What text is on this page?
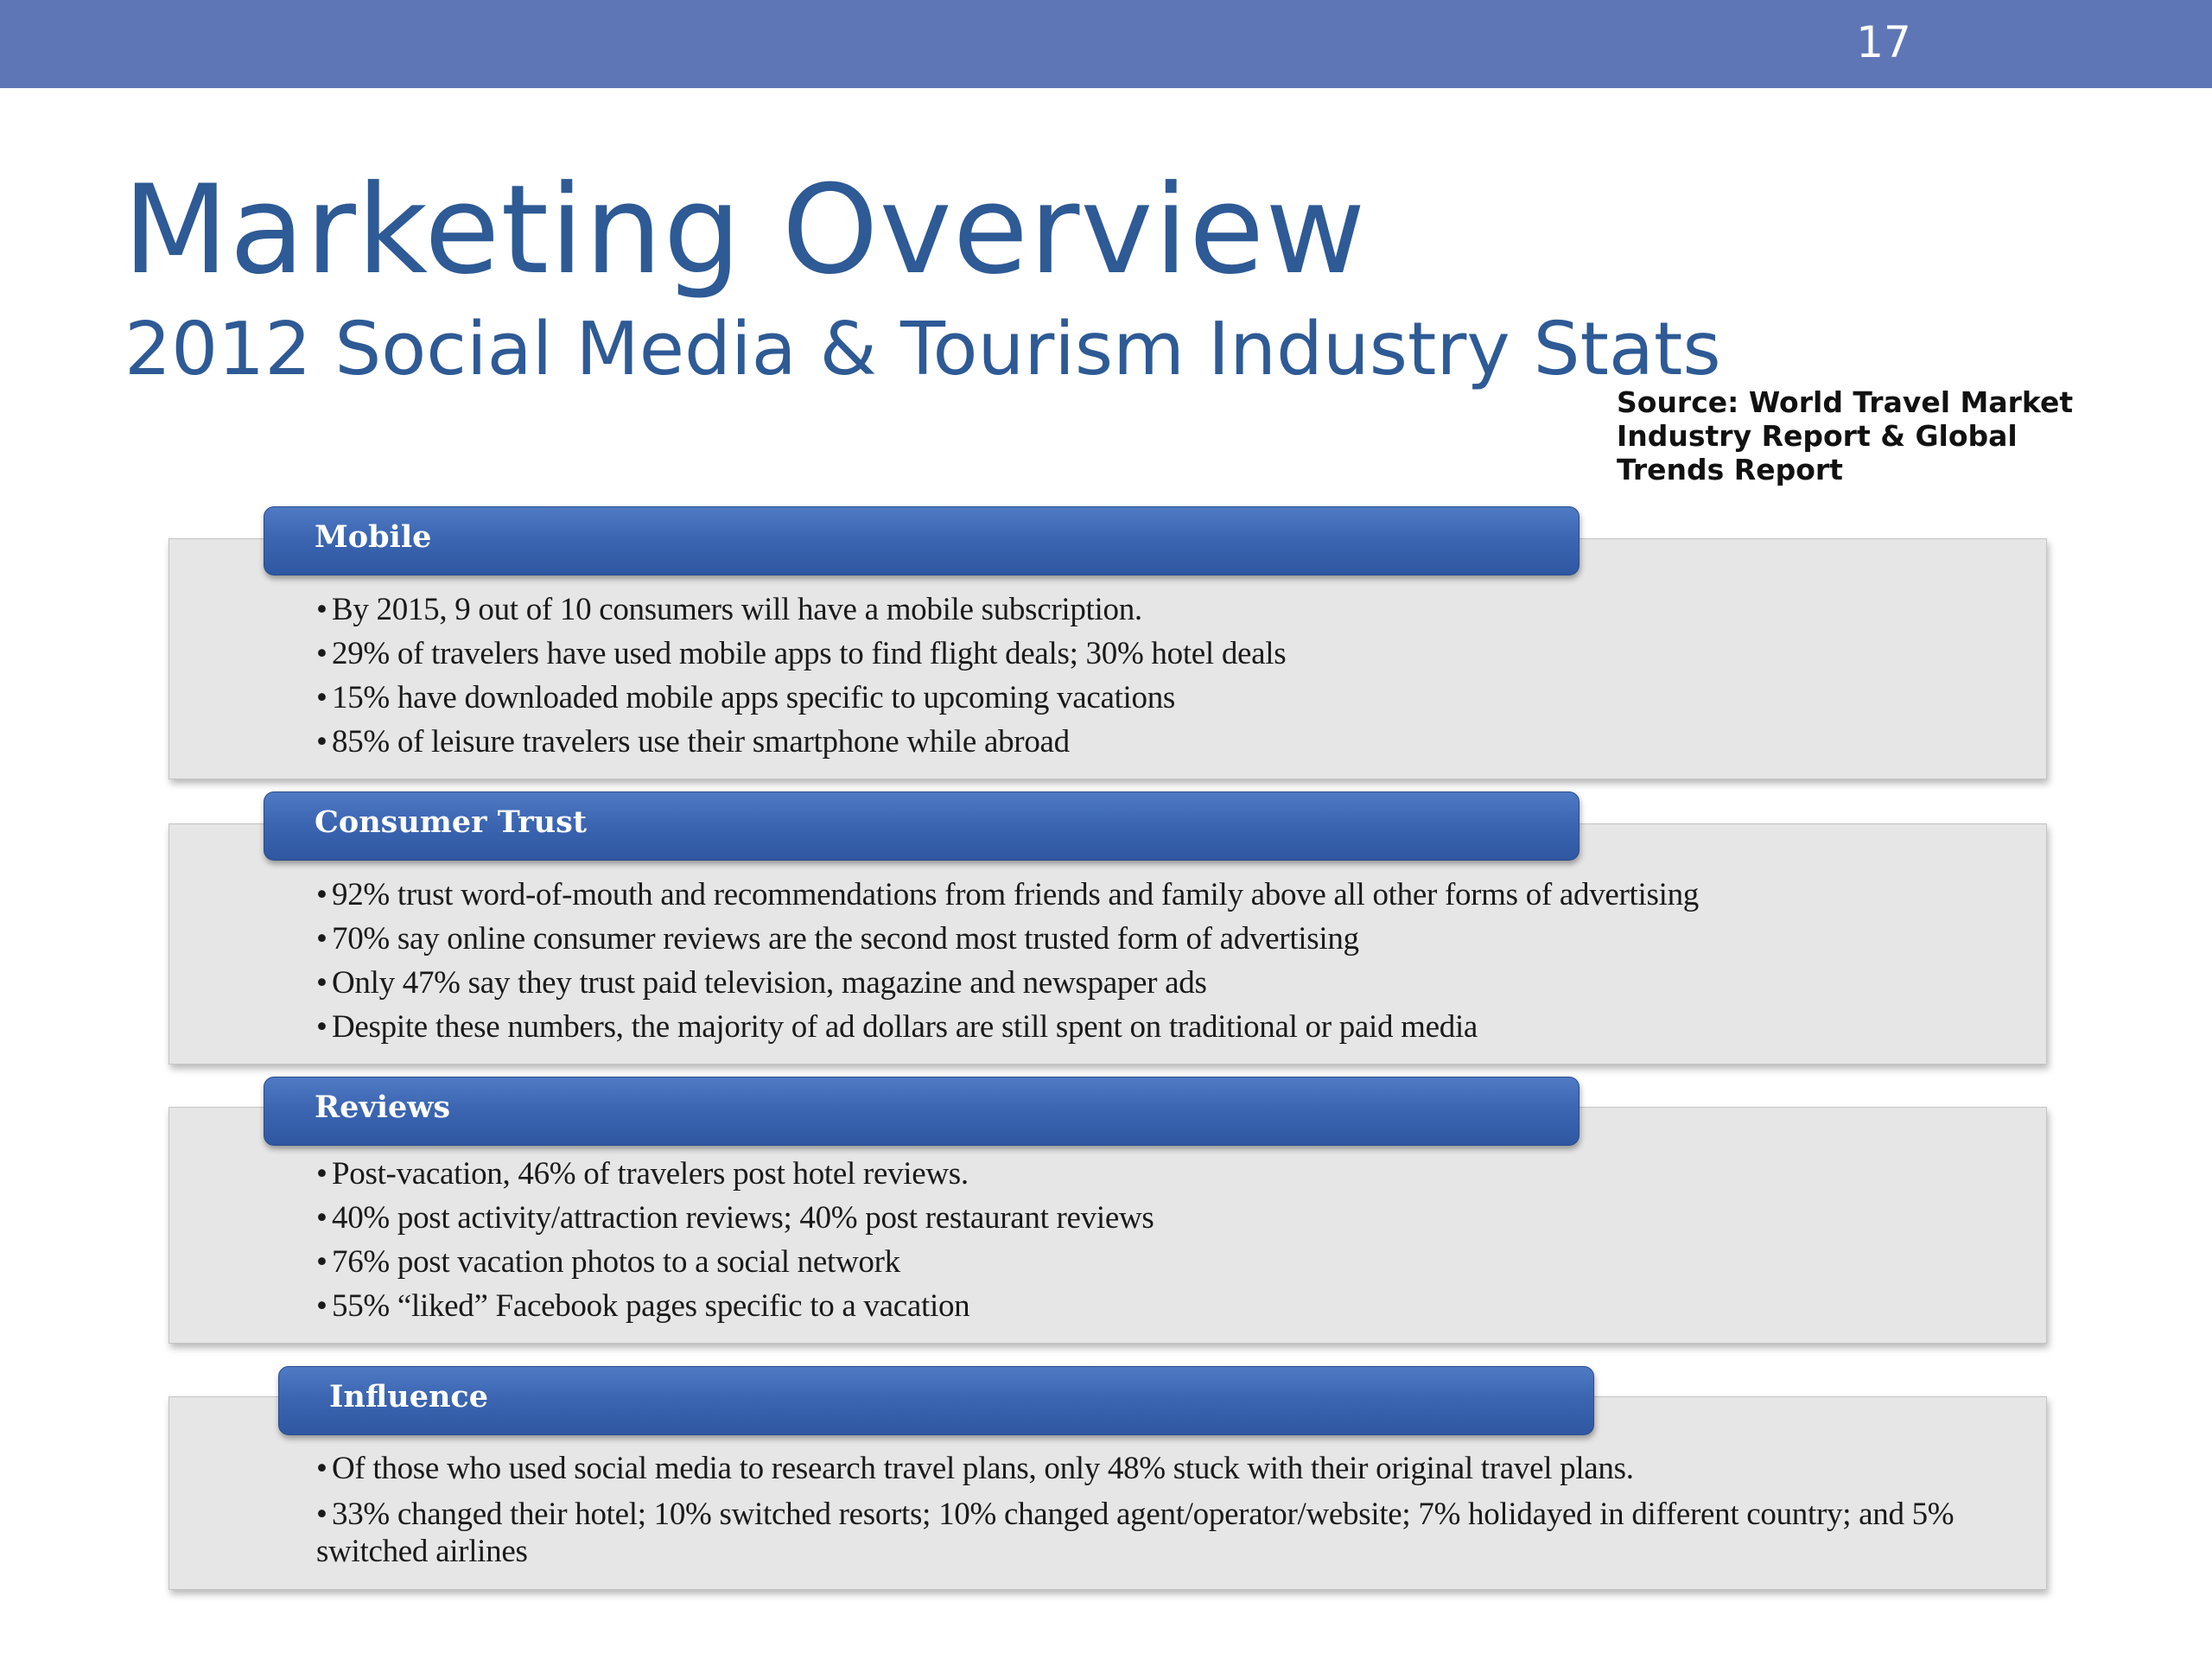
17
Marketing Overview
2012 Social Media & Tourism Industry Stats
Source: World Travel Market Industry Report & Global Trends Report
Mobile
• By 2015, 9 out of 10 consumers will have a mobile subscription.
• 29% of travelers have used mobile apps to find flight deals; 30% hotel deals
• 15% have downloaded mobile apps specific to upcoming vacations
• 85% of leisure travelers use their smartphone while abroad
Consumer Trust
• 92% trust word-of-mouth and recommendations from friends and family above all other forms of advertising
• 70% say online consumer reviews are the second most trusted form of advertising
• Only 47% say they trust paid television, magazine and newspaper ads
• Despite these numbers, the majority of ad dollars are still spent on traditional or paid media
Reviews
• Post-vacation, 46% of travelers post hotel reviews.
• 40% post activity/attraction reviews; 40% post restaurant reviews
• 76% post vacation photos to a social network
• 55% “liked” Facebook pages specific to a vacation
Influence
• Of those who used social media to research travel plans, only 48% stuck with their original travel plans.
• 33% changed their hotel; 10% switched resorts; 10% changed agent/operator/website; 7% holidayed in different country; and 5% switched airlines
